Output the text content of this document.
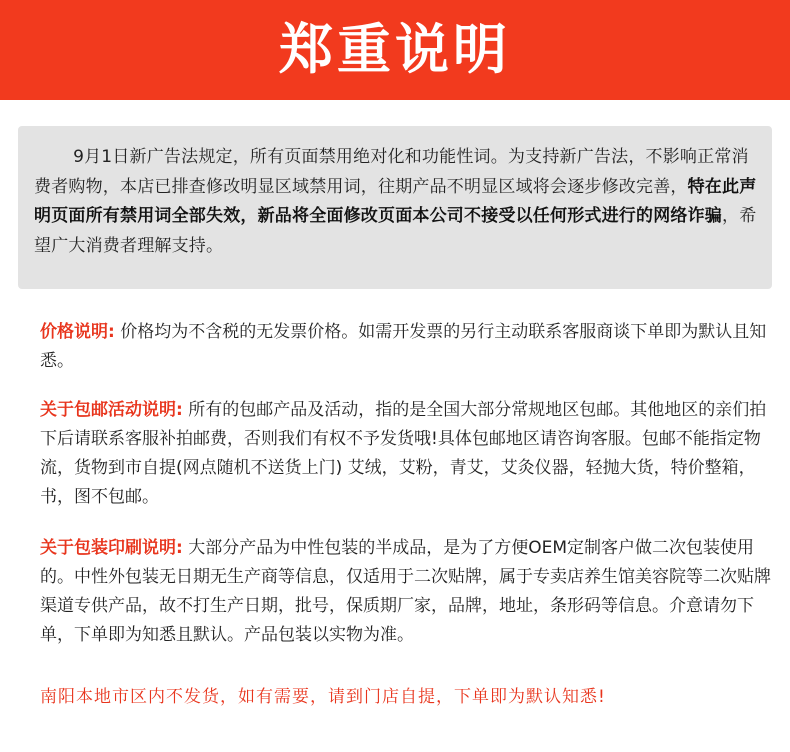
郑重说明
9月1日新广告法规定，所有页面禁用绝对化和功能性词。为支持新广告法，不影响正常消费者购物，本店已排查修改明显区域禁用词，往期产品不明显区域将会逐步修改完善，特在此声明页面所有禁用词全部失效，新品将全面修改页面本公司不接受以任何形式进行的网络诈骗，希望广大消费者理解支持。
价格说明: 价格均为不含税的无发票价格。如需开发票的另行主动联系客服商谈下单即为默认且知悉。
关于包邮活动说明: 所有的包邮产品及活动，指的是全国大部分常规地区包邮。其他地区的亲们拍下后请联系客服补拍邮费，否则我们有权不予发货哦!具体包邮地区请咨询客服。包邮不能指定物流，货物到市自提(网点随机不送货上门) 艾绒，艾粉，青艾，艾灸仪器，轻抛大货，特价整箱，书，图不包邮。
关于包装印刷说明: 大部分产品为中性包装的半成品，是为了方便OEM定制客户做二次包装使用的。中性外包装无日期无生产商等信息，仅适用于二次贴牌，属于专卖店养生馆美容院等二次贴牌渠道专供产品，故不打生产日期，批号，保质期厂家，品牌，地址，条形码等信息。介意请勿下单，下单即为知悉且默认。产品包装以实物为准。
南阳本地市区内不发货，如有需要，请到门店自提，下单即为默认知悉!
